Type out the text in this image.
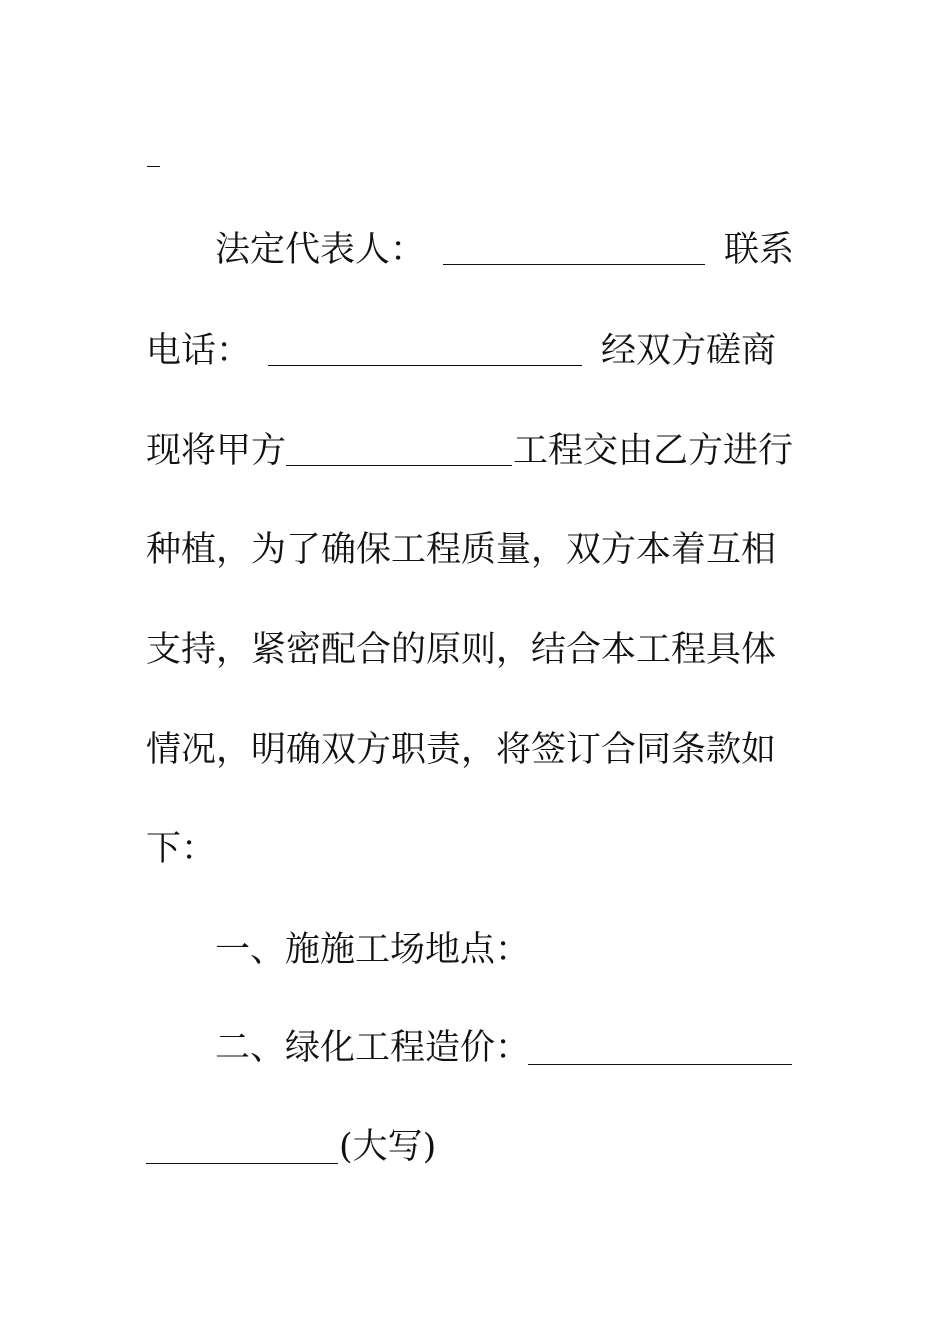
法定代表人：	联系
电话：	经双方磋商
现将甲方	工程交由乙方进行
种植，为了确保工程质量，双方本着互相
支持，紧密配合的原则，结合本工程具体
情况，明确双方职责，将签订合同条款如
下：
一、施施工场地点：
二、绿化工程造价：
(大写)
